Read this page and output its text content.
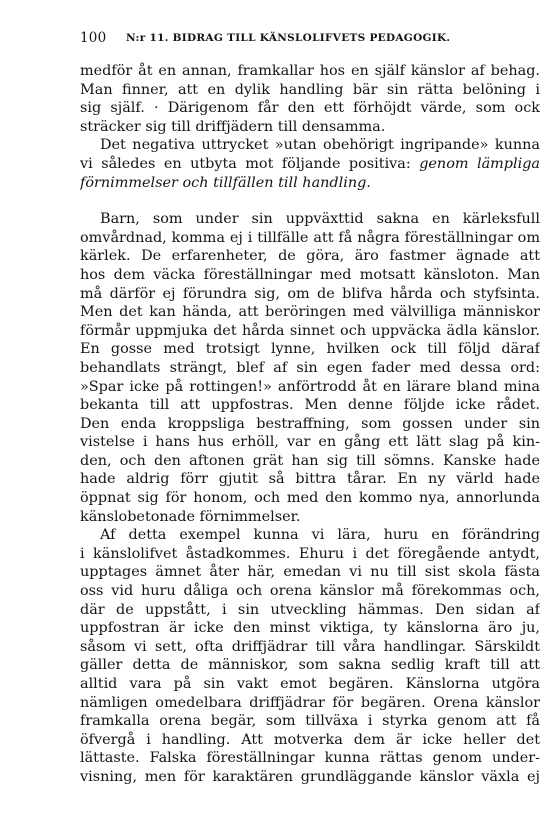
100 N:r 11. BIDRAG TILL KÄNSLOLIFVETS PEDAGOGIK.
medför åt en annan, framkallar hos en själf känslor af behag.
Man finner, att en dylik handling bär sin rätta belöning i
sig själf. · Därigenom får den ett förhöjdt värde, som ock
sträcker sig till driffjädern till densamma.
Det negativa uttrycket »utan obehörigt ingripande» kunna
vi således en utbyta mot följande positiva: genom lämpliga
förnimmelser och tillfällen till handling.
Barn, som under sin uppväxttid sakna en kärleksfull
omvårdnad, komma ej i tillfälle att få några föreställningar om
kärlek. De erfarenheter, de göra, äro fastmer ägnade att
hos dem väcka föreställningar med motsatt känsloton. Man
må därför ej förundra sig, om de blifva hårda och styfsinta.
Men det kan hända, att beröringen med välvilliga människor
förmår uppmjuka det hårda sinnet och uppväcka ädla känslor.
En gosse med trotsigt lynne, hvilken ock till följd däraf
behandlats strängt, blef af sin egen fader med dessa ord:
»Spar icke på rottingen!» anförtrodd åt en lärare bland mina
bekanta till att uppfostras. Men denne följde icke rådet.
Den enda kroppsliga bestraffning, som gossen under sin
vistelse i hans hus erhöll, var en gång ett lätt slag på kin-
den, och den aftonen grät han sig till sömns. Kanske hade
hade aldrig förr gjutit så bittra tårar. En ny värld hade
öppnat sig för honom, och med den kommo nya, annorlunda
känslobetonade förnimmelser.
Af detta exempel kunna vi lära, huru en förändring
i känslolifvet åstadkommes. Ehuru i det föregående antydt,
upptages ämnet åter här, emedan vi nu till sist skola fästa
oss vid huru dåliga och orena känslor må förekommas och,
där de uppstått, i sin utveckling hämmas. Den sidan af
uppfostran är icke den minst viktiga, ty känslorna äro ju,
såsom vi sett, ofta driffjädrar till våra handlingar. Särskildt
gäller detta de människor, som sakna sedlig kraft till att
alltid vara på sin vakt emot begären. Känslorna utgöra
nämligen omedelbara driffjädrar för begären. Orena känslor
framkalla orena begär, som tillväxa i styrka genom att få
öfvergå i handling. Att motverka dem är icke heller det
lättaste. Falska föreställningar kunna rättas genom under-
visning, men för karaktären grundläggande känslor växla ej
